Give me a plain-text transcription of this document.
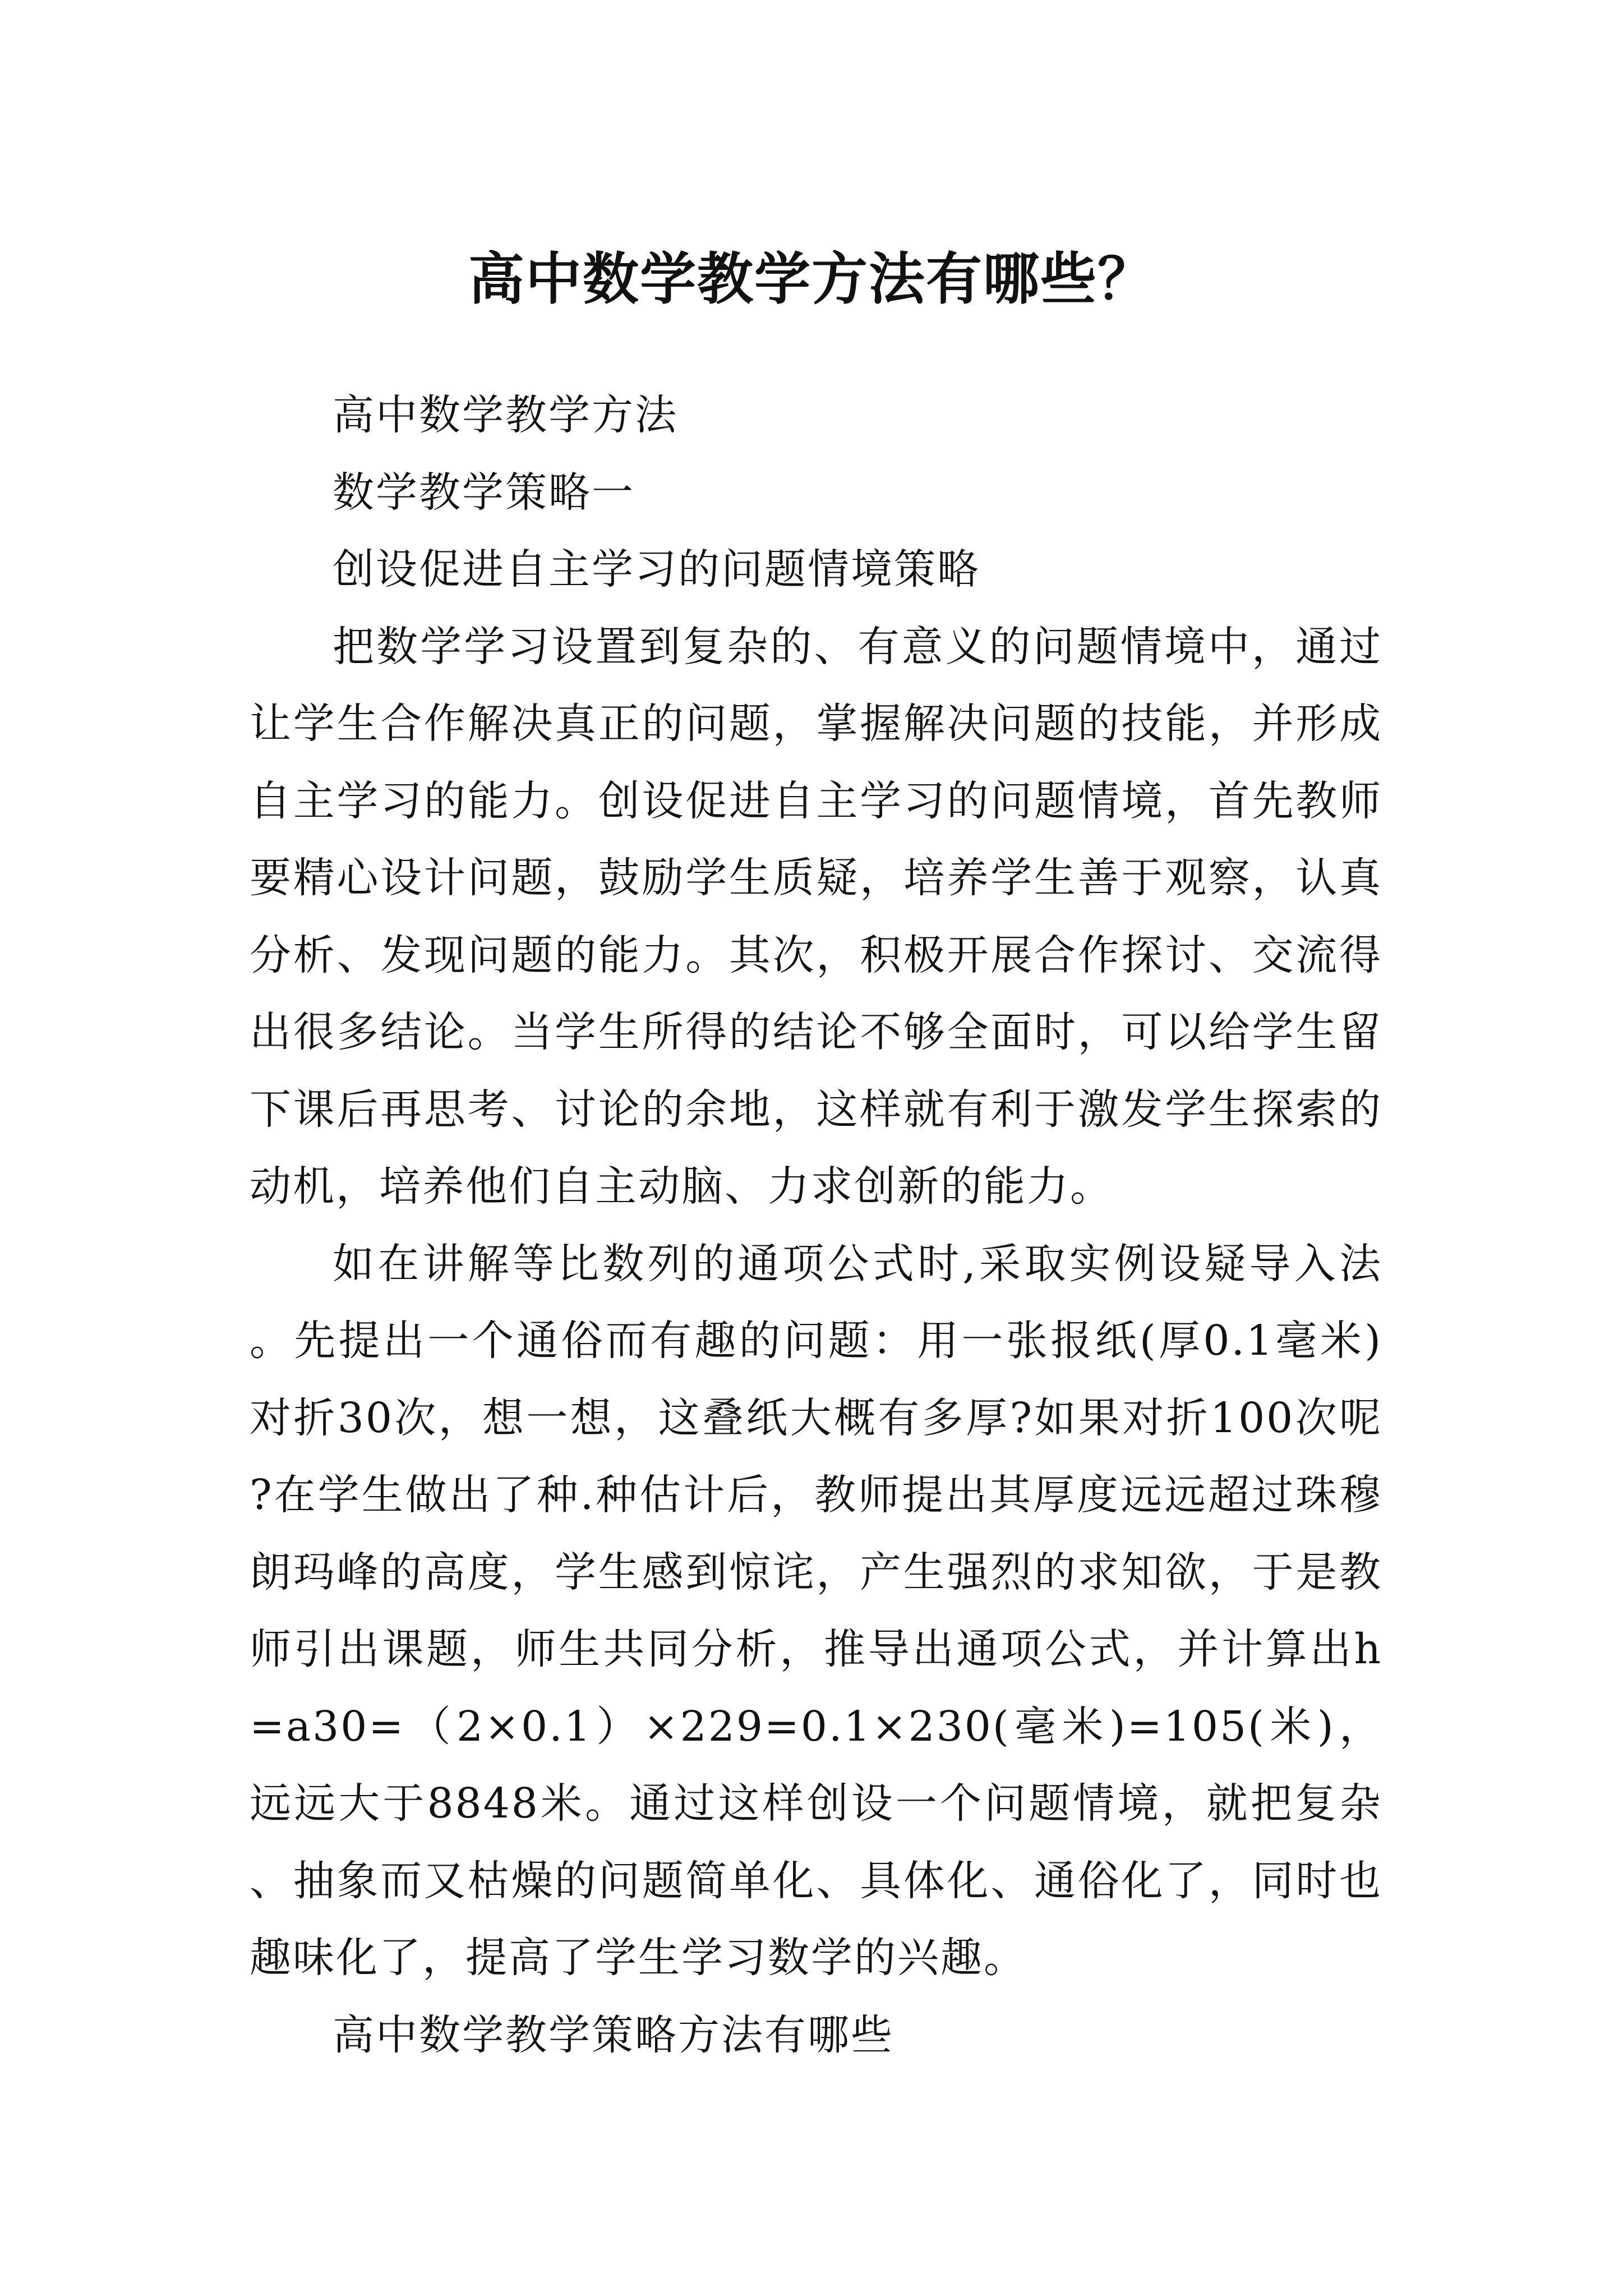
高中数学教学方法有哪些？

高中数学教学方法

数学教学策略一

创设促进自主学习的问题情境策略

把数学学习设置到复杂的、有意义的问题情境中，通过让学生合作解决真正的问题，掌握解决问题的技能，并形成自主学习的能力。创设促进自主学习的问题情境，首先教师要精心设计问题，鼓励学生质疑，培养学生善于观察，认真分析、发现问题的能力。其次，积极开展合作探讨、交流得出很多结论。当学生所得的结论不够全面时，可以给学生留下课后再思考、讨论的余地，这样就有利于激发学生探索的动机，培养他们自主动脑、力求创新的能力。

如在讲解等比数列的通项公式时,采取实例设疑导入法。先提出一个通俗而有趣的问题：用一张报纸(厚0.1毫米)对折30次，想一想，这叠纸大概有多厚?如果对折100次呢?在学生做出了种.种估计后，教师提出其厚度远远超过珠穆朗玛峰的高度，学生感到惊诧，产生强烈的求知欲，于是教师引出课题，师生共同分析，推导出通项公式，并计算出h=a30=（2×0.1）×229=0.1×230(毫米)=105(米)，远远大于8848米。通过这样创设一个问题情境，就把复杂、抽象而又枯燥的问题简单化、具体化、通俗化了，同时也趣味化了，提高了学生学习数学的兴趣。

高中数学教学策略方法有哪些
